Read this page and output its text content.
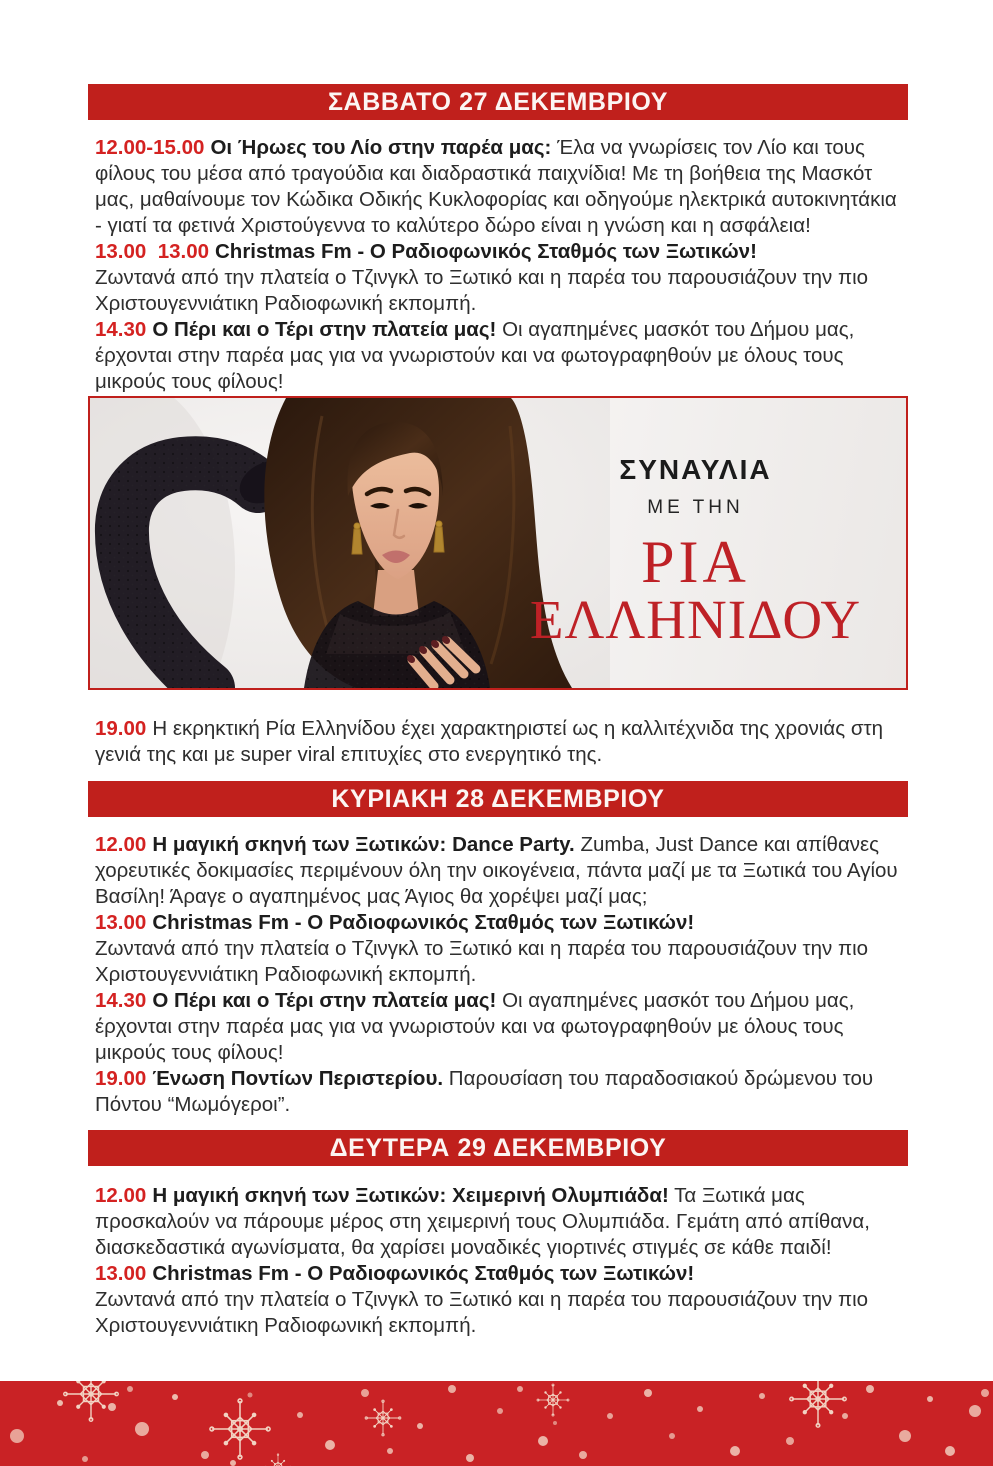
ΣΑΒΒΑΤΟ 27 ΔΕΚΕΜΒΡΙΟΥ

12.00-15.00 Οι Ήρωες του Λίο στην παρέα μας: Έλα να γνωρίσεις τον Λίο και τους φίλους του μέσα από τραγούδια και διαδραστικά παιχνίδια! Με τη βοήθεια της Μασκότ μας, μαθαίνουμε τον Κώδικα Οδικής Κυκλοφορίας και οδηγούμε ηλεκτρικά αυτοκινητάκια - γιατί τα φετινά Χριστούγεννα το καλύτερο δώρο είναι η γνώση και η ασφάλεια!

13.00  13.00 Christmas Fm - Ο Ραδιοφωνικός Σταθμός των Ξωτικών!
Ζωντανά από την πλατεία ο Τζινγκλ το Ξωτικό και η παρέα του παρουσιάζουν την πιο Χριστουγεννιάτικη Ραδιοφωνική εκπομπή.

14.30 Ο Πέρι και ο Τέρι στην πλατεία μας! Οι αγαπημένες μασκότ του Δήμου μας, έρχονται στην παρέα μας για να γνωριστούν και να φωτογραφηθούν με όλους τους μικρούς τους φίλους!

ΣΥΝΑΥΛΙΑ
ΜΕ ΤΗΝ
ΡΙΑ
ΕΛΛΗΝΙΔΟΥ

19.00 Η εκρηκτική Ρία Ελληνίδου έχει χαρακτηριστεί ως η καλλιτέχνιδα της χρονιάς στη γενιά της και με super viral επιτυχίες στο ενεργητικό της.

ΚΥΡΙΑΚΗ 28 ΔΕΚΕΜΒΡΙΟΥ

12.00 Η μαγική σκηνή των Ξωτικών: Dance Party. Zumba, Just Dance και απίθανες χορευτικές δοκιμασίες περιμένουν όλη την οικογένεια, πάντα μαζί με τα Ξωτικά του Αγίου Βασίλη! Άραγε ο αγαπημένος μας Άγιος θα χορέψει μαζί μας;

13.00 Christmas Fm - Ο Ραδιοφωνικός Σταθμός των Ξωτικών!
Ζωντανά από την πλατεία ο Τζινγκλ το Ξωτικό και η παρέα του παρουσιάζουν την πιο Χριστουγεννιάτικη Ραδιοφωνική εκπομπή.

14.30 Ο Πέρι και ο Τέρι στην πλατεία μας! Οι αγαπημένες μασκότ του Δήμου μας, έρχονται στην παρέα μας για να γνωριστούν και να φωτογραφηθούν με όλους τους μικρούς τους φίλους!

19.00 Ένωση Ποντίων Περιστερίου. Παρουσίαση του παραδοσιακού δρώμενου του Πόντου “Μωμόγεροι”.

ΔΕΥΤΕΡΑ 29 ΔΕΚΕΜΒΡΙΟΥ

12.00 Η μαγική σκηνή των Ξωτικών: Χειμερινή Ολυμπιάδα! Τα Ξωτικά μας προσκαλούν να πάρουμε μέρος στη χειμερινή τους Ολυμπιάδα. Γεμάτη από απίθανα, διασκεδαστικά αγωνίσματα, θα χαρίσει μοναδικές γιορτινές στιγμές σε κάθε παιδί!

13.00 Christmas Fm - Ο Ραδιοφωνικός Σταθμός των Ξωτικών!
Ζωντανά από την πλατεία ο Τζινγκλ το Ξωτικό και η παρέα του παρουσιάζουν την πιο Χριστουγεννιάτικη Ραδιοφωνική εκπομπή.
